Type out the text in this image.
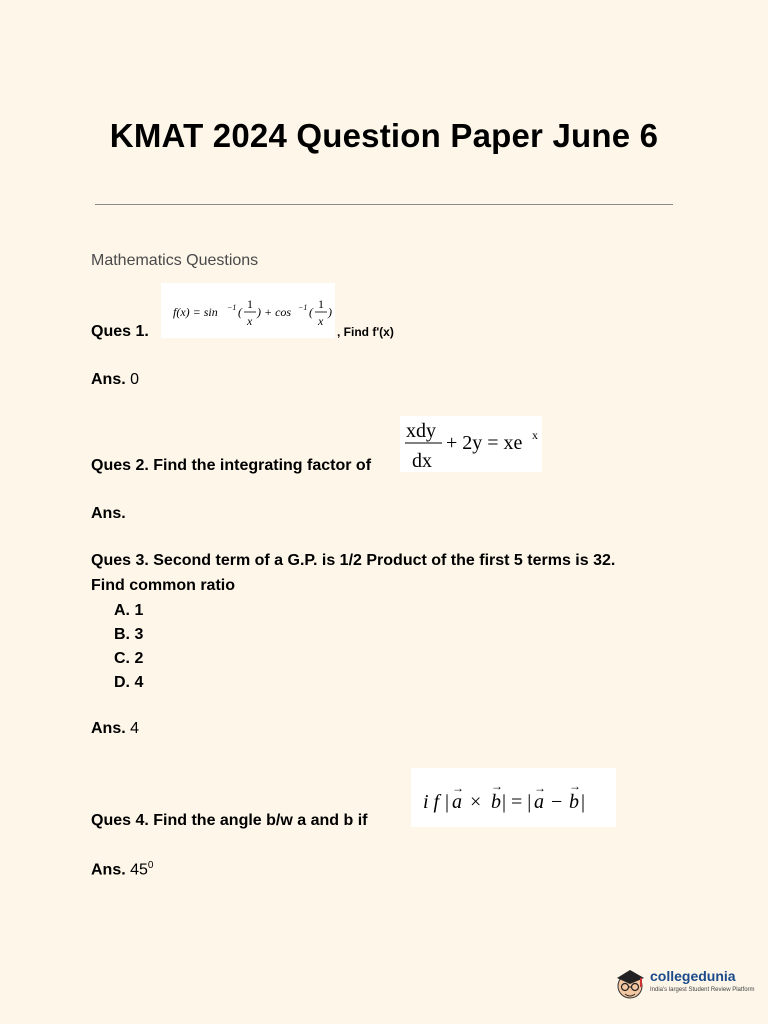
KMAT 2024 Question Paper June 6
Mathematics Questions
f(x) = sin −1 (
1
x
) + cos −1 (
1
x
)
Ques 1.	, Find f'(x)
Ans. 0
xdy
dx
+ 2y = xe x
Ques 2. Find the integrating factor of
Ans.
Ques 3. Second term of a G.P. is 1/2 Product of the first 5 terms is 32.
Find common ratio
A. 1
B. 3
C. 2
D. 4
Ans. 4
i f | a
→
× b
→
| = | a
→
− b
→
|
Ques 4. Find the angle b/w a and b if
Ans. $45^0$
collegedunia
India's largest Student Review Platform
